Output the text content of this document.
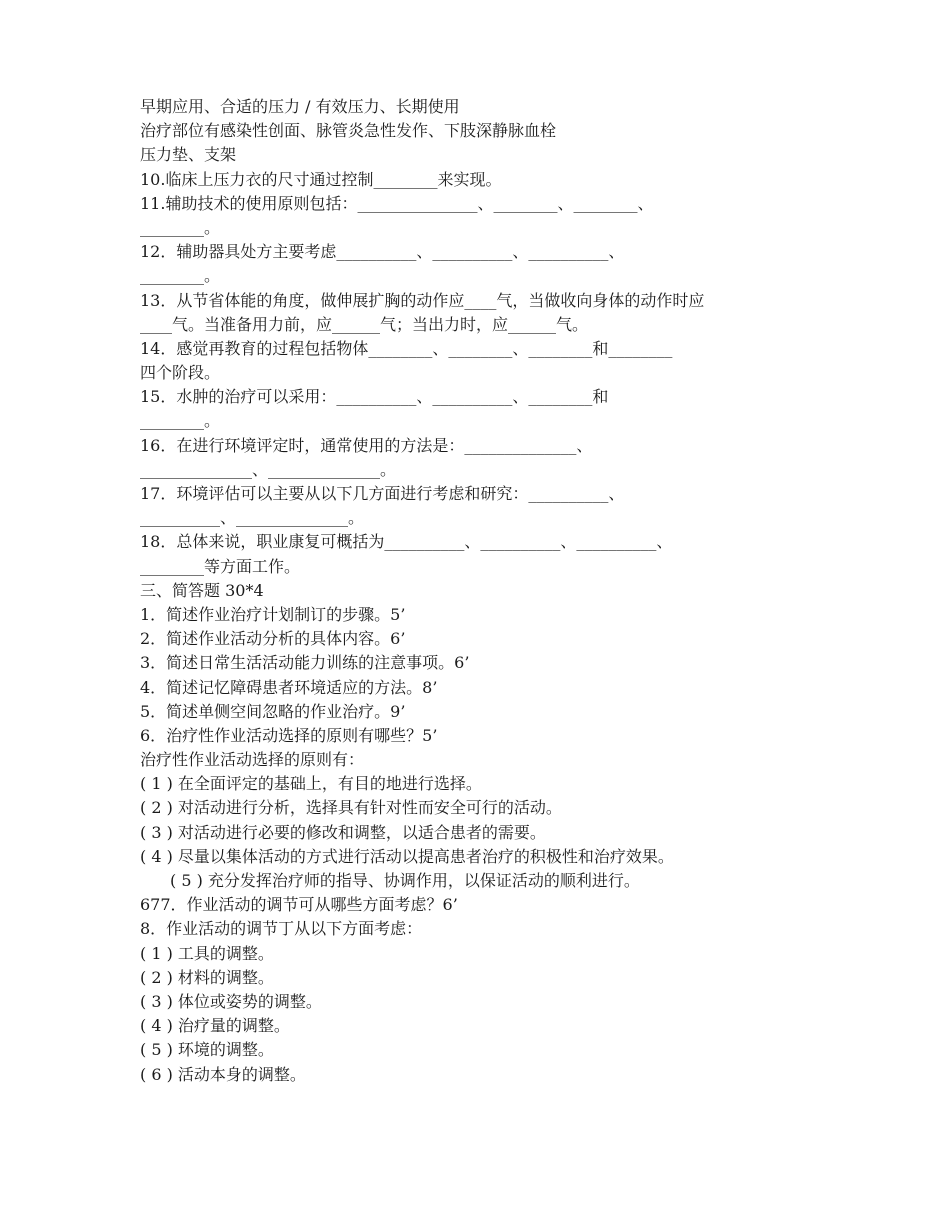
早期应用、合适的压力 / 有效压力、长期使用
治疗部位有感染性创面、脉管炎急性发作、下肢深静脉血栓
压力垫、支架
10.临床上压力衣的尺寸通过控制________来实现。
11.辅助技术的使用原则包括：_______________、________、________、
________。
12．辅助器具处方主要考虑__________、__________、__________、
________。
13．从节省体能的角度，做伸展扩胸的动作应____气，当做收向身体的动作时应
____气。当准备用力前，应______气；当出力时，应______气。
14．感觉再教育的过程包括物体________、________、________和________
四个阶段。
15．水肿的治疗可以采用：__________、__________、________和
________。
16．在进行环境评定时，通常使用的方法是：______________、
______________、______________。
17．环境评估可以主要从以下几方面进行考虑和研究：__________、
__________、______________。
18．总体来说，职业康复可概括为__________、__________、__________、
________等方面工作。
三、简答题 30*4
1．简述作业治疗计划制订的步骤。5’
2．简述作业活动分析的具体内容。6’
3．简述日常生活活动能力训练的注意事项。6’
4．简述记忆障碍患者环境适应的方法。8’
5．简述单侧空间忽略的作业治疗。9’
6．治疗性作业活动选择的原则有哪些？5’
治疗性作业活动选择的原则有：
( 1 ) 在全面评定的基础上，有目的地进行选择。
( 2 ) 对活动进行分析，选择具有针对性而安全可行的活动。
( 3 ) 对活动进行必要的修改和调整，以适合患者的需要。
( 4 ) 尽量以集体活动的方式进行活动以提高患者治疗的积极性和治疗效果。
( 5 ) 充分发挥治疗师的指导、协调作用，以保证活动的顺利进行。
677．作业活动的调节可从哪些方面考虑？6’
8．作业活动的调节丁从以下方面考虑：
( 1 ) 工具的调整。
( 2 ) 材料的调整。
( 3 ) 体位或姿势的调整。
( 4 ) 治疗量的调整。
( 5 ) 环境的调整。
( 6 ) 活动本身的调整。
